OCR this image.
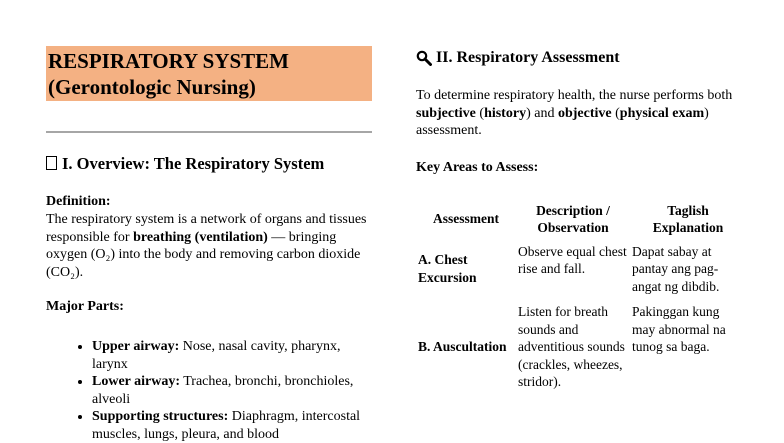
RESPIRATORY SYSTEM
(Gerontologic Nursing)
I. Overview: The Respiratory System
Definition:
The respiratory system is a network of organs and tissues responsible for breathing (ventilation) — bringing oxygen (O₂) into the body and removing carbon dioxide (CO₂).
Major Parts:
• Upper airway: Nose, nasal cavity, pharynx, larynx
• Lower airway: Trachea, bronchi, bronchioles, alveoli
• Supporting structures: Diaphragm, intercostal muscles, lungs, pleura, and blood
II. Respiratory Assessment
To determine respiratory health, the nurse performs both subjective (history) and objective (physical exam) assessment.
Key Areas to Assess:
Assessment	Description / Observation	Taglish Explanation
A. Chest Excursion	Observe equal chest rise and fall.	Dapat sabay at pantay ang pag-angat ng dibdib.
B. Auscultation	Listen for breath sounds and adventitious sounds (crackles, wheezes, stridor).	Pakinggan kung may abnormal na tunog sa baga.
